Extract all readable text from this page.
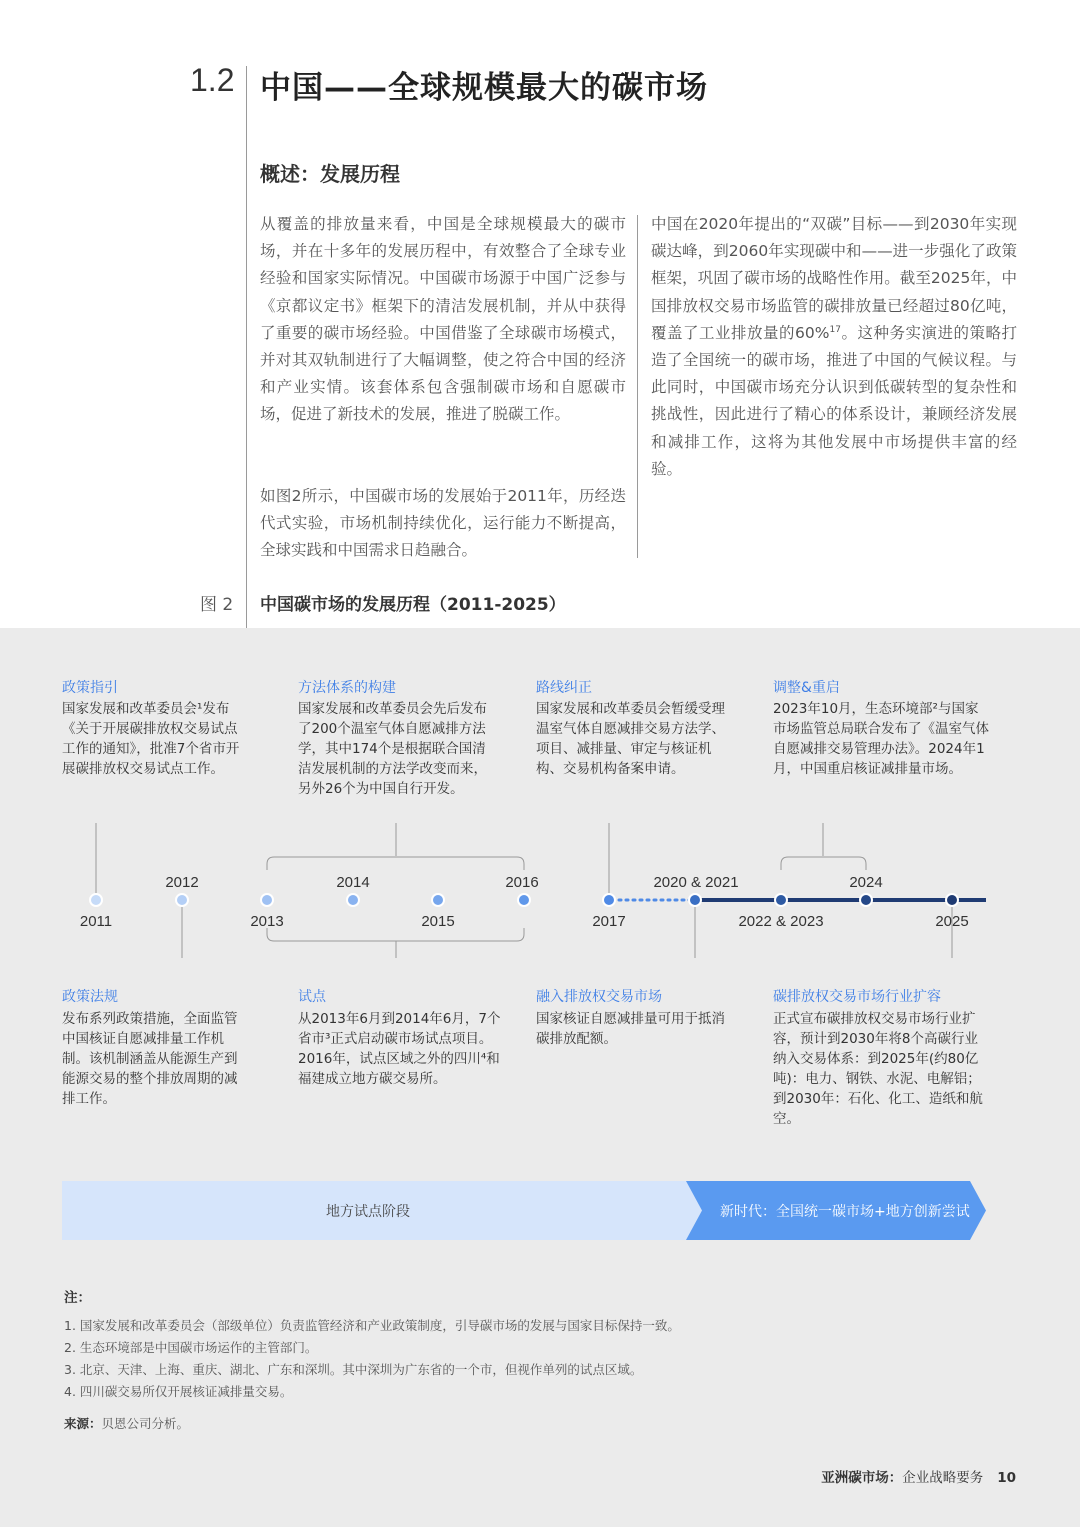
1.2 中国——全球规模最大的碳市场
概述：发展历程
从覆盖的排放量来看，中国是全球规模最大的碳市场，并在十多年的发展历程中，有效整合了全球专业经验和国家实际情况。中国碳市场源于中国广泛参与《京都议定书》框架下的清洁发展机制，并从中获得了重要的碳市场经验。中国借鉴了全球碳市场模式，并对其双轨制进行了大幅调整，使之符合中国的经济和产业实情。该套体系包含强制碳市场和自愿碳市场，促进了新技术的发展，推进了脱碳工作。
如图2所示，中国碳市场的发展始于2011年，历经迭代式实验，市场机制持续优化，运行能力不断提高，全球实践和中国需求日趋融合。
中国在2020年提出的“双碳”目标——到2030年实现碳达峰，到2060年实现碳中和——进一步强化了政策框架，巩固了碳市场的战略性作用。截至2025年，中国排放权交易市场监管的碳排放量已经超过80亿吨，覆盖了工业排放量的60%$^{17}$。这种务实演进的策略打造了全国统一的碳市场，推进了中国的气候议程。与此同时，中国碳市场充分认识到低碳转型的复杂性和挑战性，因此进行了精心的体系设计，兼顾经济发展和减排工作，这将为其他发展中市场提供丰富的经验。
图 2 中国碳市场的发展历程（2011-2025）
政策指引
国家发展和改革委员会¹发布《关于开展碳排放权交易试点工作的通知》，批准7个省市开展碳排放权交易试点工作。
方法体系的构建
国家发展和改革委员会先后发布了200个温室气体自愿减排方法学，其中174个是根据联合国清洁发展机制的方法学改变而来，另外26个为中国自行开发。
路线纠正
国家发展和改革委员会暂缓受理温室气体自愿减排交易方法学、项目、减排量、审定与核证机构、交易机构备案申请。
调整&重启
2023年10月，生态环境部²与国家市场监管总局联合发布了《温室气体自愿减排交易管理办法》。2024年1月，中国重启核证减排量市场。
2012	2014	2016	2020 & 2021	2024
2011	2013	2015	2017	2022 & 2023	2025
政策法规
发布系列政策措施，全面监管中国核证自愿减排量工作机制。该机制涵盖从能源生产到能源交易的整个排放周期的减排工作。
试点
从2013年6月到2014年6月，7个省市³正式启动碳市场试点项目。2016年，试点区域之外的四川⁴和福建成立地方碳交易所。
融入排放权交易市场
国家核证自愿减排量可用于抵消碳排放配额。
碳排放权交易市场行业扩容
正式宣布碳排放权交易市场行业扩容，预计到2030年将8个高碳行业纳入交易体系：到2025年(约80亿吨)：电力、钢铁、水泥、电解铝；到2030年：石化、化工、造纸和航空。
地方试点阶段	新时代：全国统一碳市场+地方创新尝试
注：
1. 国家发展和改革委员会（部级单位）负责监管经济和产业政策制度，引导碳市场的发展与国家目标保持一致。
2. 生态环境部是中国碳市场运作的主管部门。
3. 北京、天津、上海、重庆、湖北、广东和深圳。其中深圳为广东省的一个市，但视作单列的试点区域。
4. 四川碳交易所仅开展核证减排量交易。
来源：贝恩公司分析。
亚洲碳市场：企业战略要务 10
